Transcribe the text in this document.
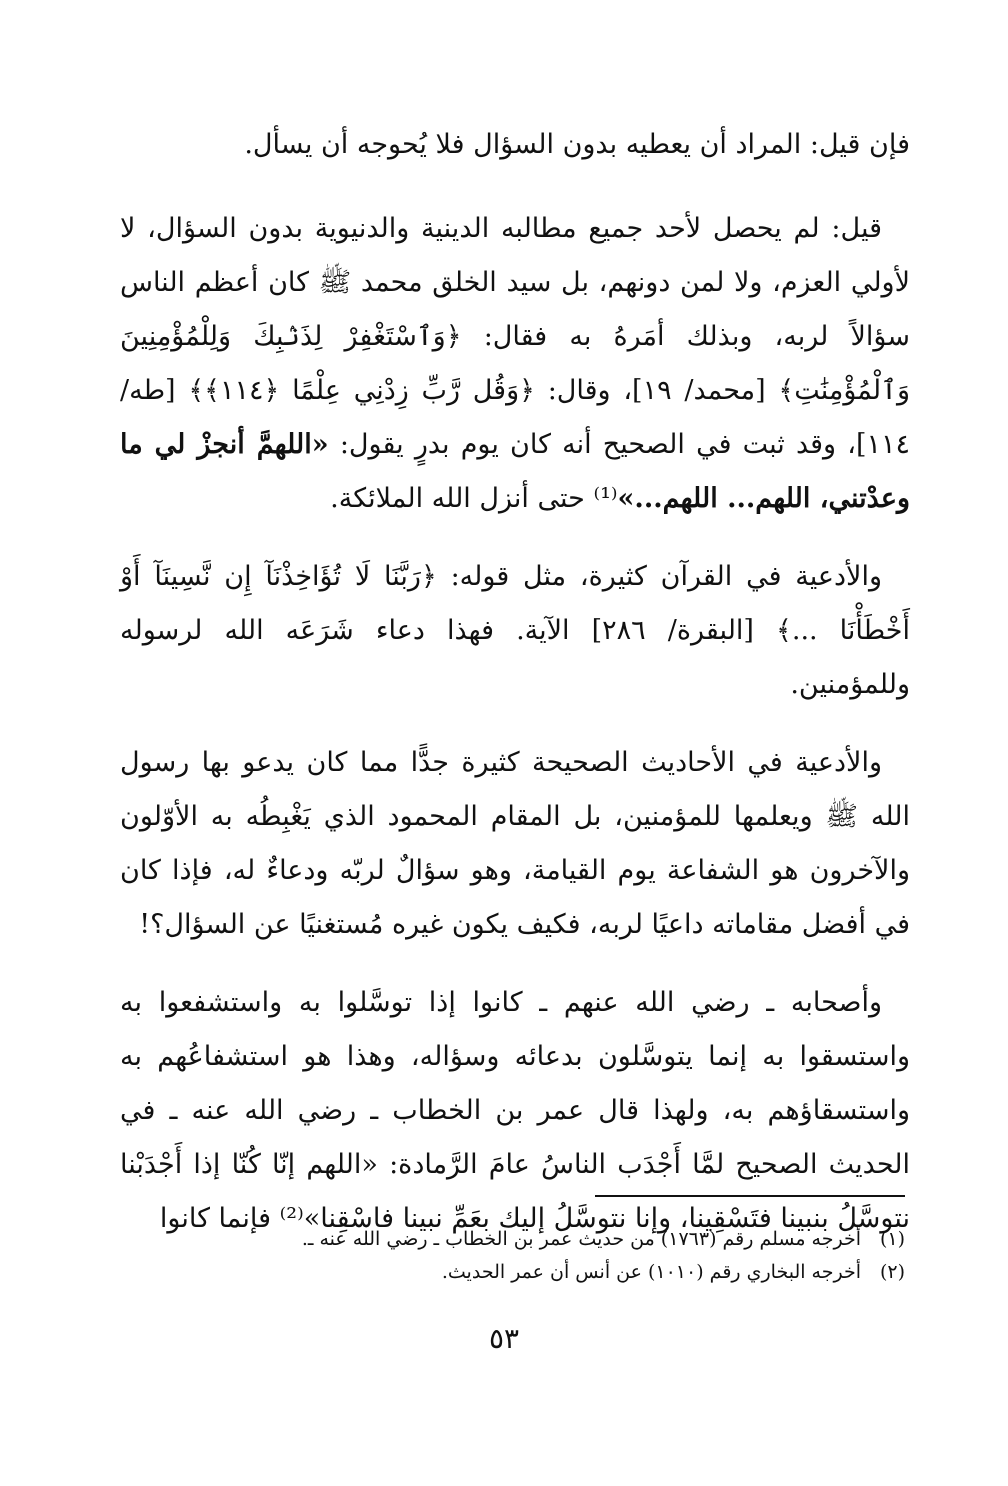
فإن قيل: المراد أن يعطيه بدون السؤال فلا يُحوجه أن يسأل.

قيل: لم يحصل لأحد جميع مطالبه الدينية والدنيوية بدون السؤال، لا لأولي العزم، ولا لمن دونهم، بل سيد الخلق محمد ﷺ كان أعظم الناس سؤالاً لربه، وبذلك أمَرهُ به فقال: ﴿وَٱسْتَغْفِرْ لِذَنۢبِكَ وَلِلْمُؤْمِنِينَ وَٱلْمُؤْمِنَٰتِ﴾ [محمد/ ١٩]، وقال: ﴿وَقُل رَّبِّ زِدْنِي عِلْمًا ﴿١١٤﴾﴾ [طه/ ١١٤]، وقد ثبت في الصحيح أنه كان يوم بدرٍ يقول: «اللهمَّ أنجزْ لي ما وعدْتني، اللهم... اللهم...»⁽¹⁾ حتى أنزل الله الملائكة.

والأدعية في القرآن كثيرة، مثل قوله: ﴿رَبَّنَا لَا تُؤَاخِذْنَآ إِن نَّسِينَآ أَوْ أَخْطَأْنَا ...﴾ [البقرة/ ٢٨٦] الآية. فهذا دعاء شَرَعَه الله لرسوله وللمؤمنين.

والأدعية في الأحاديث الصحيحة كثيرة جدًّا مما كان يدعو بها رسول الله ﷺ ويعلمها للمؤمنين، بل المقام المحمود الذي يَغْبِطُه به الأوّلون والآخرون هو الشفاعة يوم القيامة، وهو سؤالٌ لربّه ودعاءٌ له، فإذا كان في أفضل مقاماته داعيًا لربه، فكيف يكون غيره مُستغنيًا عن السؤال؟!

وأصحابه ـ رضي الله عنهم ـ كانوا إذا توسَّلوا به واستشفعوا به واستسقوا به إنما يتوسَّلون بدعائه وسؤاله، وهذا هو استشفاعُهم به واستسقاؤهم به، ولهذا قال عمر بن الخطاب ـ رضي الله عنه ـ في الحديث الصحيح لمَّا أَجْدَب الناسُ عامَ الرَّمادة: «اللهم إنّا كُنّا إذا أَجْدَبْنا نتوسَّلُ بنبينا فتَسْقِينا، وإنا نتوسَّلُ إليك بعَمِّ نبينا فاسْقِنا»⁽²⁾ فإنما كانوا

(١)أخرجه مسلم رقم (١٧٦٣) من حديث عمر بن الخطاب ـ رضي الله عنه ـ.

(٢)أخرجه البخاري رقم (١٠١٠) عن أنس أن عمر الحديث.

٥٣
